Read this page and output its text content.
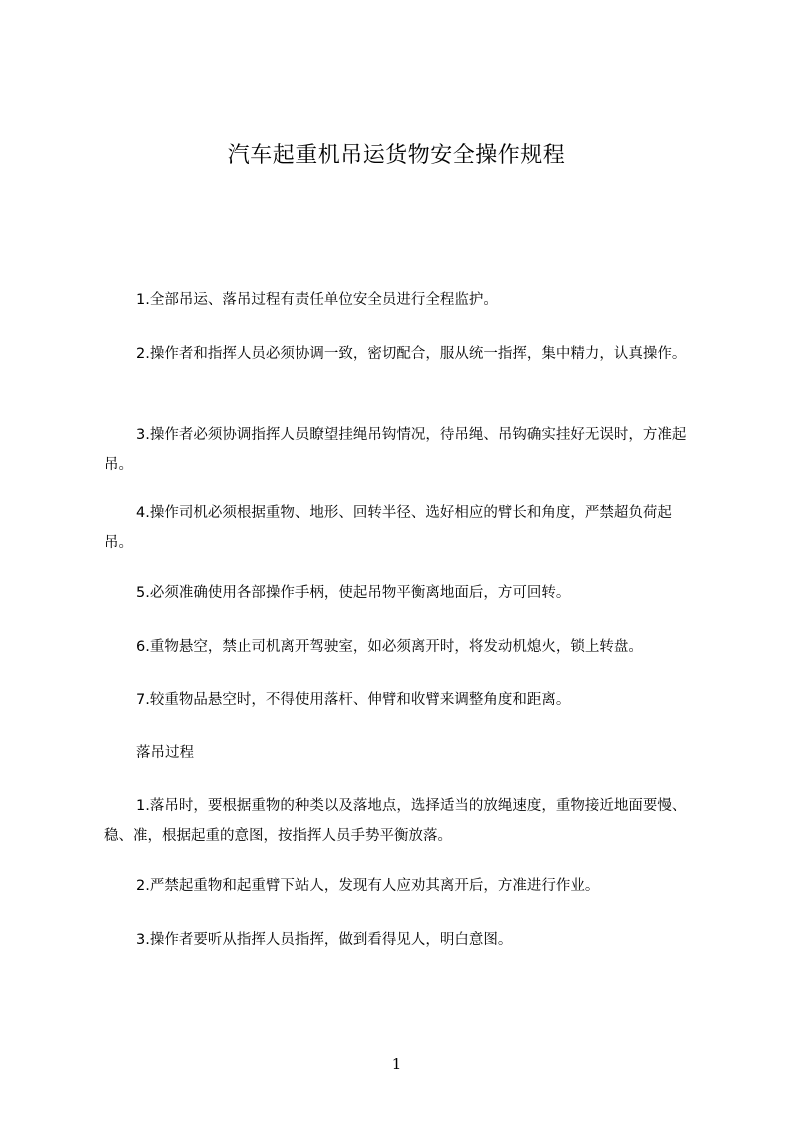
汽车起重机吊运货物安全操作规程

1.全部吊运、落吊过程有责任单位安全员进行全程监护。

2.操作者和指挥人员必须协调一致，密切配合，服从统一指挥，集中精力，认真操作。

3.操作者必须协调指挥人员瞭望挂绳吊钩情况，待吊绳、吊钩确实挂好无误时，方准起吊。

4.操作司机必须根据重物、地形、回转半径、选好相应的臂长和角度，严禁超负荷起吊。

5.必须准确使用各部操作手柄，使起吊物平衡离地面后，方可回转。

6.重物悬空，禁止司机离开驾驶室，如必须离开时，将发动机熄火，锁上转盘。

7.较重物品悬空时，不得使用落杆、伸臂和收臂来调整角度和距离。

落吊过程

1.落吊时，要根据重物的种类以及落地点，选择适当的放绳速度，重物接近地面要慢、稳、准，根据起重的意图，按指挥人员手势平衡放落。

2.严禁起重物和起重臂下站人，发现有人应劝其离开后，方准进行作业。

3.操作者要听从指挥人员指挥，做到看得见人，明白意图。

1
